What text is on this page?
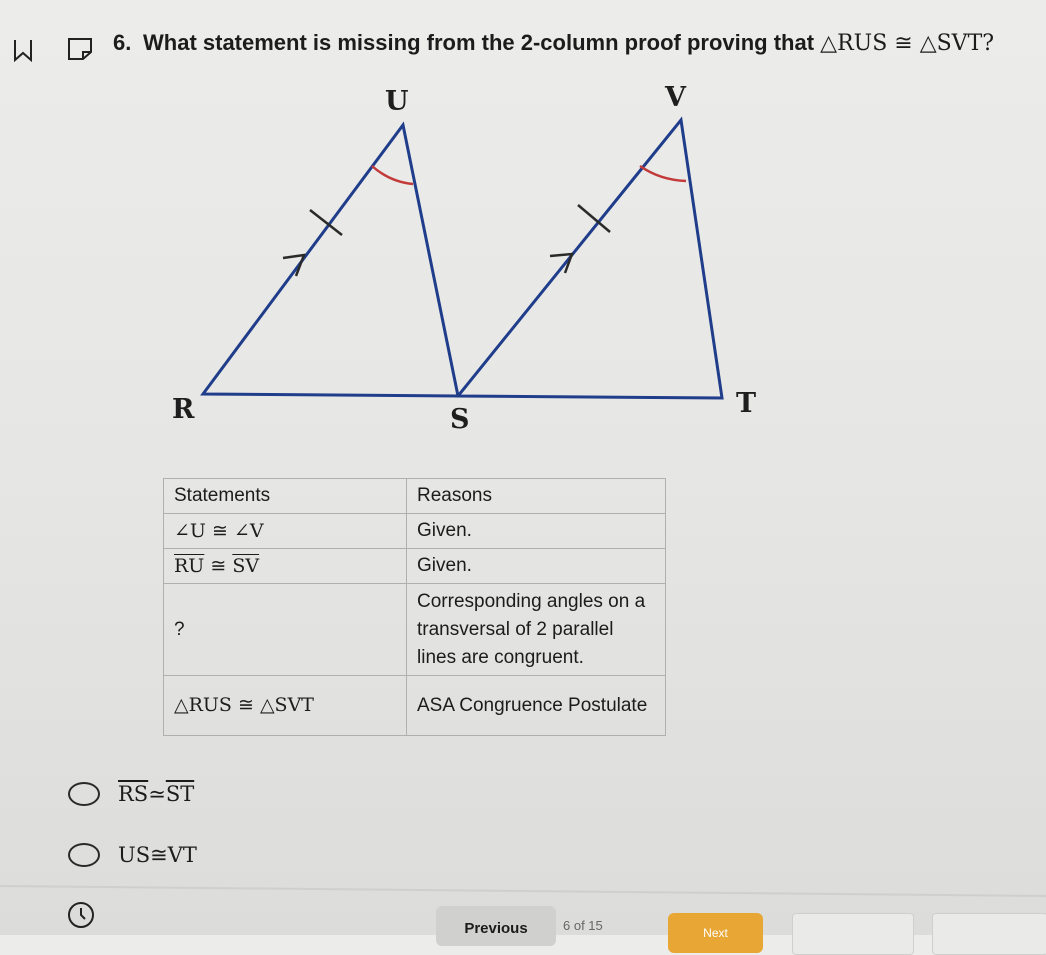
6. What statement is missing from the 2-column proof proving that △RUS ≅ △SVT?
U	V
R	S
T
Statements	Reasons
∠U ≅ ∠V	Given.
$\overline{RU}$ ≅ $\overline{SV}$	Given.
?	Corresponding angles on a transversal of 2 parallel lines are congruent.
△RUS ≅ △SVT	ASA Congruence Postulate
$\overline{RS}$ ≃ $\overline{ST}$
US ≅ VT
Previous	6 of 15	Next
